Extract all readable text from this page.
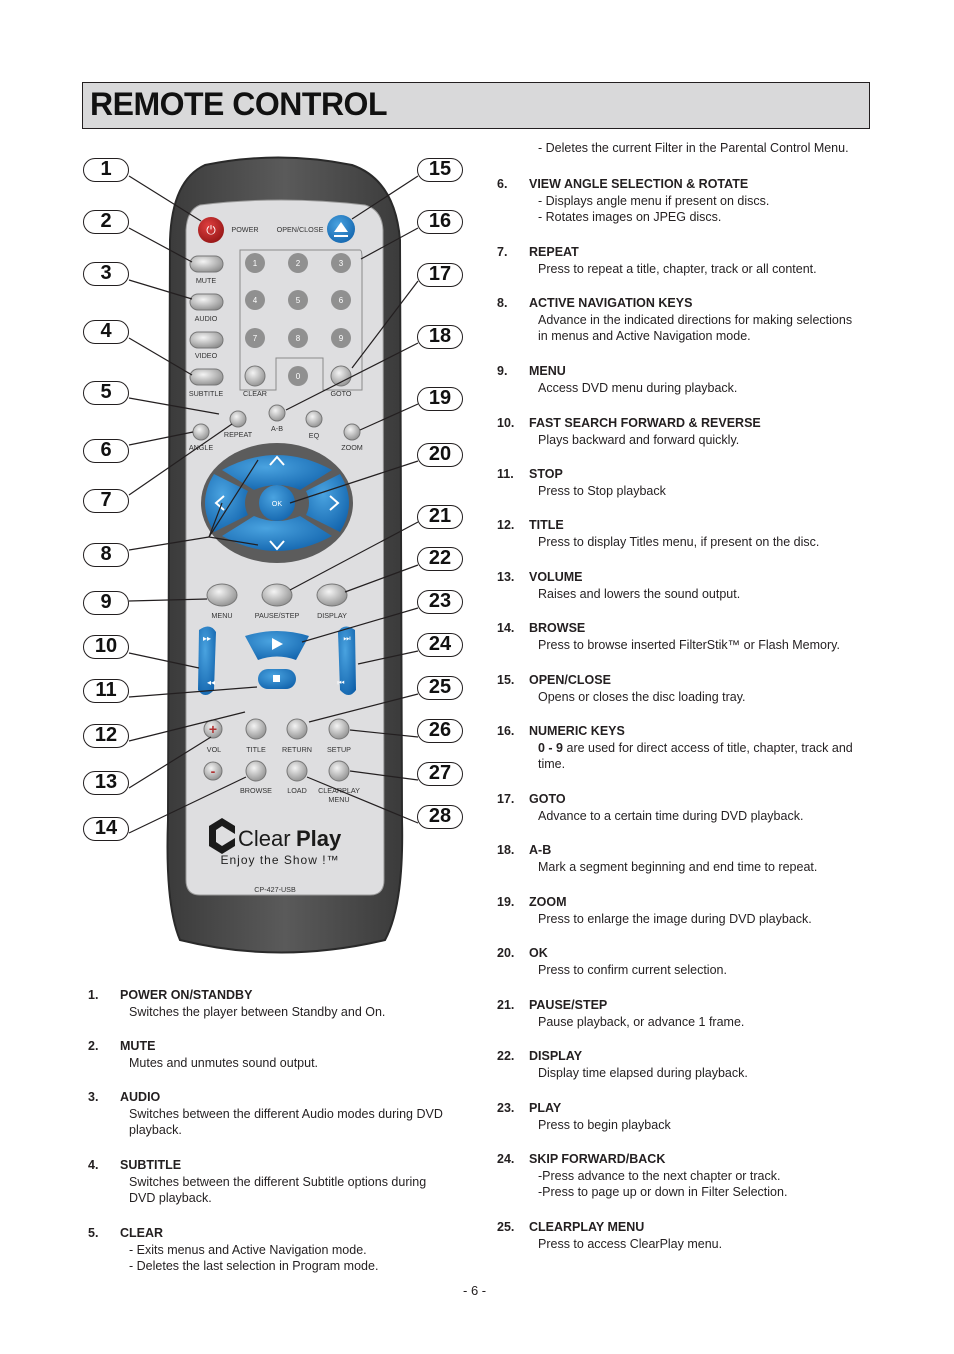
REMOTE CONTROL
⏻ POWER	OPEN/CLOSE
MUTE
AUDIO
VIDEO
SUBTITLE
1	2	3
4	5	6
7	8	9
0
CLEAR	GOTO
REPEAT
A-B
EQ
ANGLE	ZOOM
OK
MENU	PAUSE/STEP DISPLAY
▸▸
◂◂
⏭
⏮
+
VOL
-
TITLE RETURN SETUP
BROWSE LOAD CLEARPLAY
MENU
Clear Play
Enjoy the Show !™
CP-427-USB
1
2
3
4
5
6
7
8
9
10
11
12
13
14
15
16
17
18
19
20
21
22
23
24
25
26
27
28
- Deletes the current Filter in the Parental Control Menu.
1. POWER ON/STANDBY
Switches the player between Standby and On.
2. MUTE
Mutes and unmutes sound output.
3. AUDIO
Switches between the different Audio modes during DVD
playback.
4. SUBTITLE
Switches between the different Subtitle options during
DVD playback.
5. CLEAR
- Exits menus and Active Navigation mode.
- Deletes the last selection in Program mode.
6. VIEW ANGLE SELECTION & ROTATE
- Displays angle menu if present on discs.
- Rotates images on JPEG discs.
7. REPEAT
Press to repeat a title, chapter, track or all content.
8. ACTIVE NAVIGATION KEYS
Advance in the indicated directions for making selections
in menus and Active Navigation mode.
9. MENU
Access DVD menu during playback.
10. FAST SEARCH FORWARD & REVERSE
Plays backward and forward quickly.
11. STOP
Press to Stop playback
12. TITLE
Press to display Titles menu, if present on the disc.
13. VOLUME
Raises and lowers the sound output.
14. BROWSE
Press to browse inserted FilterStik™ or Flash Memory.
15. OPEN/CLOSE
Opens or closes the disc loading tray.
16. NUMERIC KEYS
0 - 9 are used for direct access of title, chapter, track and
time.
17. GOTO
Advance to a certain time during DVD playback.
18. A-B
Mark a segment beginning and end time to repeat.
19. ZOOM
Press to enlarge the image during DVD playback.
20. OK
Press to confirm current selection.
21. PAUSE/STEP
Pause playback, or advance 1 frame.
22. DISPLAY
Display time elapsed during playback.
23. PLAY
Press to begin playback
24. SKIP FORWARD/BACK
-Press advance to the next chapter or track.
-Press to page up or down in Filter Selection.
25. CLEARPLAY MENU
Press to access ClearPlay menu.
- 6 -
